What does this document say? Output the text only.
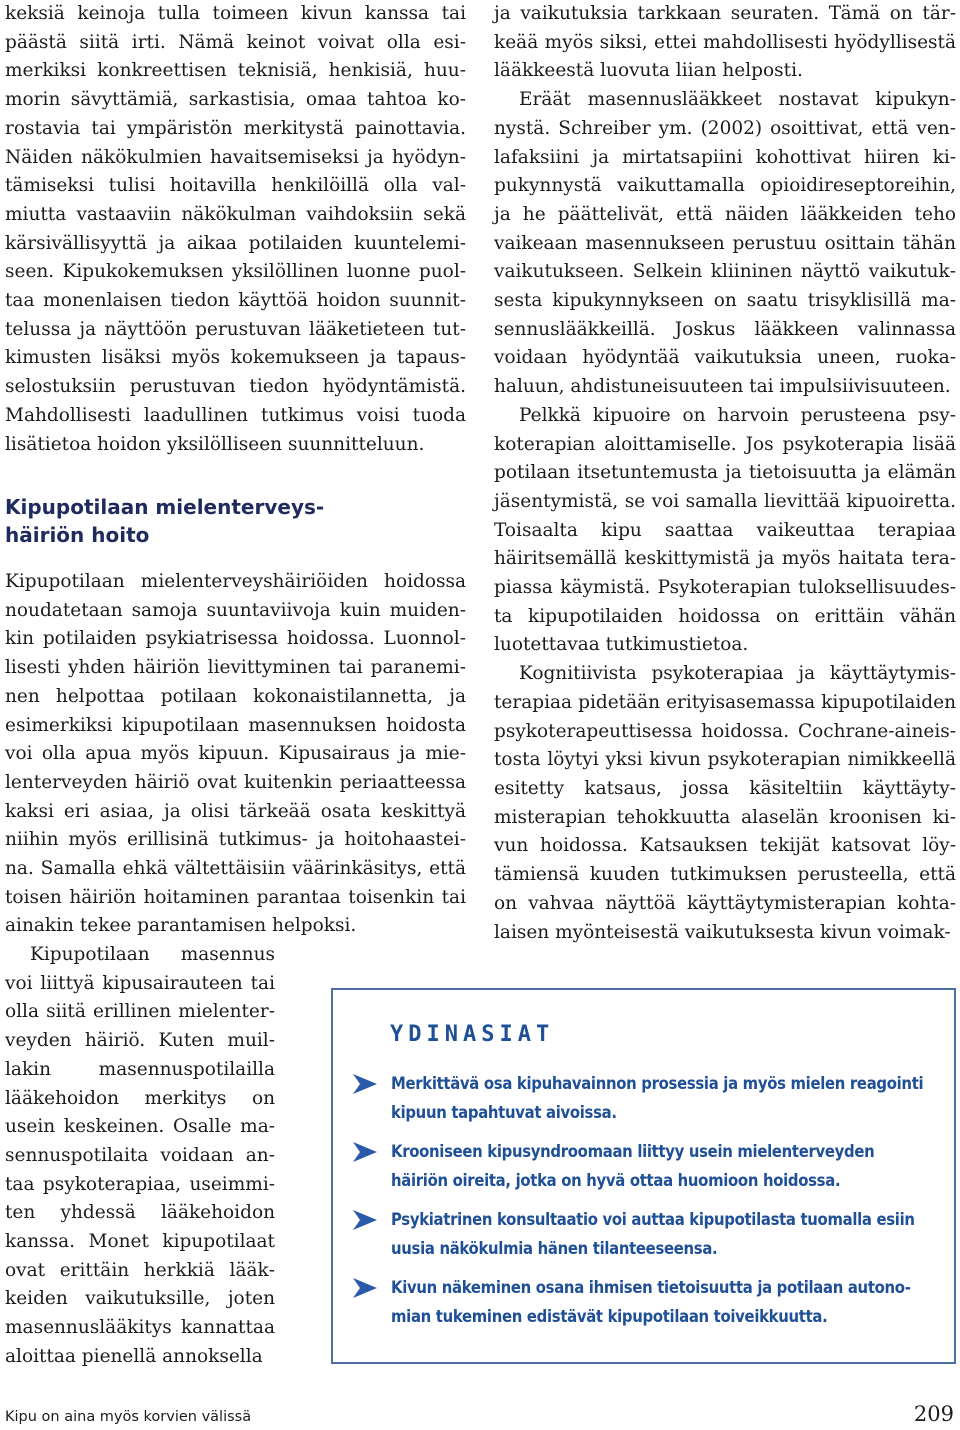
keksiä keinoja tulla toimeen kivun kanssa tai päästä siitä irti. Nämä keinot voivat olla esimerkiksi konkreettisen teknisiä, henkisiä, huumorin sävyttämiä, sarkastisia, omaa tahtoa korostavia tai ympäristön merkitystä painottavia. Näiden näkökulmien havaitsemiseksi ja hyödyntämiseksi tulisi hoitavilla henkilöillä olla valmiutta vastaaviin näkökulman vaihdoksiin sekä kärsivällisyyttä ja aikaa potilaiden kuuntelemiseen. Kipukokemuksen yksilöllinen luonne puoltaa monenlaisen tiedon käyttöä hoidon suunnittelussa ja näyttöön perustuvan lääketieteen tutkimusten lisäksi myös kokemukseen ja tapausselostuksiin perustuvan tiedon hyödyntämistä. Mahdollisesti laadullinen tutkimus voisi tuoda lisätietoa hoidon yksilölliseen suunnitteluun.

Kipupotilaan mielenterveys-
häiriön hoito

Kipupotilaan mielenterveyshäiriöiden hoidossa noudatetaan samoja suuntaviivoja kuin muidenkin potilaiden psykiatrisessa hoidossa. Luonnollisesti yhden häiriön lievittyminen tai paraneminen helpottaa potilaan kokonaistilannetta, ja esimerkiksi kipupotilaan masennuksen hoidosta voi olla apua myös kipuun. Kipusairaus ja mielenterveyden häiriö ovat kuitenkin periaatteessa kaksi eri asiaa, ja olisi tärkeää osata keskittyä niihin myös erillisinä tutkimus- ja hoitohaasteina. Samalla ehkä vältettäisiin väärinkäsitys, että toisen häiriön hoitaminen parantaa toisenkin tai ainakin tekee parantamisen helpoksi.

Kipupotilaan masennus voi liittyä kipusairauteen tai olla siitä erillinen mielenterveyden häiriö. Kuten muillakin masennuspotilailla lääkehoidon merkitys on usein keskeinen. Osalle masennuspotilaita voidaan antaa psykoterapiaa, useimmiten yhdessä lääkehoidon kanssa. Monet kipupotilaat ovat erittäin herkkiä lääkkeiden vaikutuksille, joten masennuslääkitys kannattaa aloittaa pienellä annoksella

ja vaikutuksia tarkkaan seuraten. Tämä on tärkeää myös siksi, ettei mahdollisesti hyödyllisestä lääkkeestä luovuta liian helposti.

Eräät masennuslääkkeet nostavat kipukynnystä. Schreiber ym. (2002) osoittivat, että venlafaksiini ja mirtatsapiini kohottivat hiiren kipukynnystä vaikuttamalla opioidireseptoreihin, ja he päättelivät, että näiden lääkkeiden teho vaikeaan masennukseen perustuu osittain tähän vaikutukseen. Selkein kliininen näyttö vaikutuksesta kipukynnykseen on saatu trisyklisillä masennuslääkkeillä. Joskus lääkkeen valinnassa voidaan hyödyntää vaikutuksia uneen, ruokahaluun, ahdistuneisuuteen tai impulsiivisuuteen.

Pelkkä kipuoire on harvoin perusteena psykoterapian aloittamiselle. Jos psykoterapia lisää potilaan itsetuntemusta ja tietoisuutta ja elämän jäsentymistä, se voi samalla lievittää kipuoiretta. Toisaalta kipu saattaa vaikeuttaa terapiaa häiritsemällä keskittymistä ja myös haitata terapiassa käymistä. Psykoterapian tuloksellisuudesta kipupotilaiden hoidossa on erittäin vähän luotettavaa tutkimustietoa.

Kognitiivista psykoterapiaa ja käyttäytymisterapiaa pidetään erityisasemassa kipupotilaiden psykoterapeuttisessa hoidossa. Cochrane-aineistosta löytyi yksi kivun psykoterapian nimikkeellä esitetty katsaus, jossa käsiteltiin käyttäytymisterapian tehokkuutta alaselän kroonisen kivun hoidossa. Katsauksen tekijät katsovat löytämiensä kuuden tutkimuksen perusteella, että on vahvaa näyttöä käyttäytymisterapian kohtalaisen myönteisestä vaikutuksesta kivun voimak-

YDINASIAT
Merkittävä osa kipuhavainnon prosessia ja myös mielen reagointi kipuun tapahtuvat aivoissa.
Krooniseen kipusyndroomaan liittyy usein mielenterveyden häiriön oireita, jotka on hyvä ottaa huomioon hoidossa.
Psykiatrinen konsultaatio voi auttaa kipupotilasta tuomalla esiin uusia näkökulmia hänen tilanteeseensa.
Kivun näkeminen osana ihmisen tietoisuutta ja potilaan autonomian tukeminen edistävät kipupotilaan toiveikkuutta.
Kipu on aina myös korvien välissä	209
